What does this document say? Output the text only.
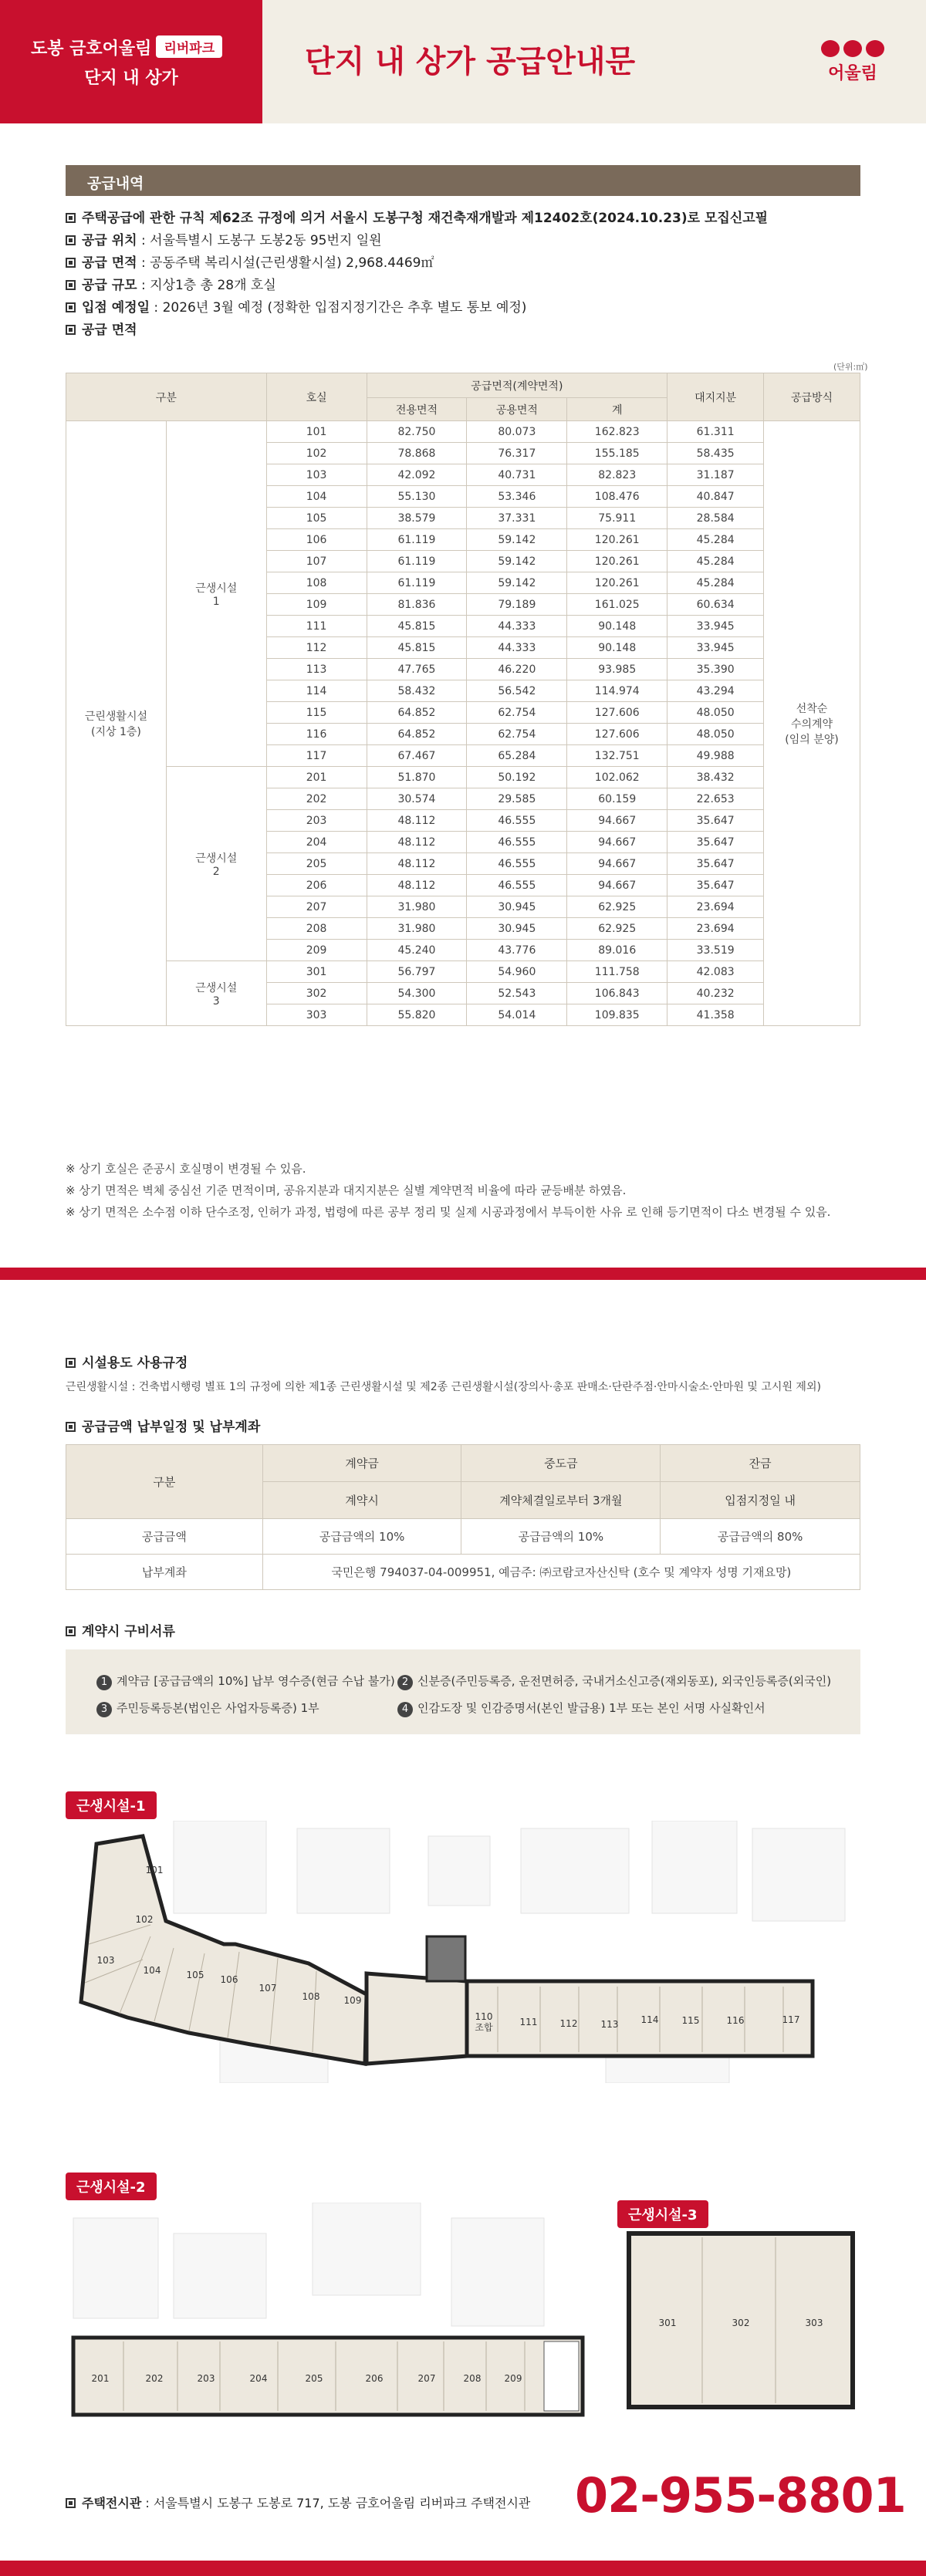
도봉 금호어울림 리버파크
단지 내 상가	단지 내 상가 공급안내문	어울림
공급내역
주택공급에 관한 규칙 제62조 규정에 의거 서울시 도봉구청 재건축재개발과 제12402호(2024.10.23)로 모집신고필
공급 위치 : 서울특별시 도봉구 도봉2동 95번지 일원
공급 면적 : 공동주택 복리시설(근린생활시설) 2,968.4469㎡
공급 규모 : 지상1층 총 28개 호실
입점 예정일 : 2026년 3월 예정 (정확한 입점지정기간은 추후 별도 통보 예정)
공급 면적
(단위:㎡)
구분		호실	공급면적(계약면적)			대지지분	공급방식
			전용면적	공용면적	계		
근린생활시설
(지상 1층)	근생시설
1	101	82.750	80.073	162.823	61.311	선착순
수의계약
(임의 분양)
		102	78.868	76.317	155.185	58.435	
		103	42.092	40.731	82.823	31.187	
		104	55.130	53.346	108.476	40.847	
		105	38.579	37.331	75.911	28.584	
		106	61.119	59.142	120.261	45.284	
		107	61.119	59.142	120.261	45.284	
		108	61.119	59.142	120.261	45.284	
		109	81.836	79.189	161.025	60.634	
		111	45.815	44.333	90.148	33.945	
		112	45.815	44.333	90.148	33.945	
		113	47.765	46.220	93.985	35.390	
		114	58.432	56.542	114.974	43.294	
		115	64.852	62.754	127.606	48.050	
		116	64.852	62.754	127.606	48.050	
		117	67.467	65.284	132.751	49.988	
	근생시설
2	201	51.870	50.192	102.062	38.432	
		202	30.574	29.585	60.159	22.653	
		203	48.112	46.555	94.667	35.647	
		204	48.112	46.555	94.667	35.647	
		205	48.112	46.555	94.667	35.647	
		206	48.112	46.555	94.667	35.647	
		207	31.980	30.945	62.925	23.694	
		208	31.980	30.945	62.925	23.694	
		209	45.240	43.776	89.016	33.519	
	근생시설
3	301	56.797	54.960	111.758	42.083	
		302	54.300	52.543	106.843	40.232	
		303	55.820	54.014	109.835	41.358	
※ 상기 호실은 준공시 호실명이 변경될 수 있음.
※ 상기 면적은 벽체 중심선 기준 면적이며, 공유지분과 대지지분은 실별 계약면적 비율에 따라 균등배분 하였음.
※ 상기 면적은 소수점 이하 단수조정, 인허가 과정, 법령에 따른 공부 정리 및 실제 시공과정에서 부득이한 사유 로 인해 등기면적이 다소 변경될 수 있음.
시설용도 사용규정
근린생활시설 : 건축법시행령 별표 1의 규정에 의한 제1종 근린생활시설 및 제2종 근린생활시설(장의사·총포 판매소·단란주점·안마시술소·안마원 및 고시원 제외)
공급금액 납부일정 및 납부계좌
구분	계약금	중도금	잔금
	계약시	계약체결일로부터 3개월	입점지정일 내
공급금액	공급금액의 10%	공급금액의 10%	공급금액의 80%
납부계좌	국민은행 794037-04-009951, 예금주: ㈜코람코자산신탁 (호수 및 계약자 성명 기재요망)		
계약시 구비서류
1 계약금 [공급금액의 10%] 납부 영수증(현금 수납 불가) 2 신분증(주민등록증, 운전면허증, 국내거소신고증(재외동포), 외국인등록증(외국인)
3 주민등록등본(법인은 사업자등록증) 1부	4 인감도장 및 인감증명서(본인 발급용) 1부 또는 본인 서명 사실확인서
근생시설-1
101
102
103
104	105 106
107
108	109
110 조합	111 112	113 114	115	116	117
근생시설-2
근생시설-3
201	202	203	204	205	206	207	208	209
301	302	303
주택전시관 : 서울특별시 도봉구 도봉로 717, 도봉 금호어울림 리버파크 주택전시관 02-955-8801
